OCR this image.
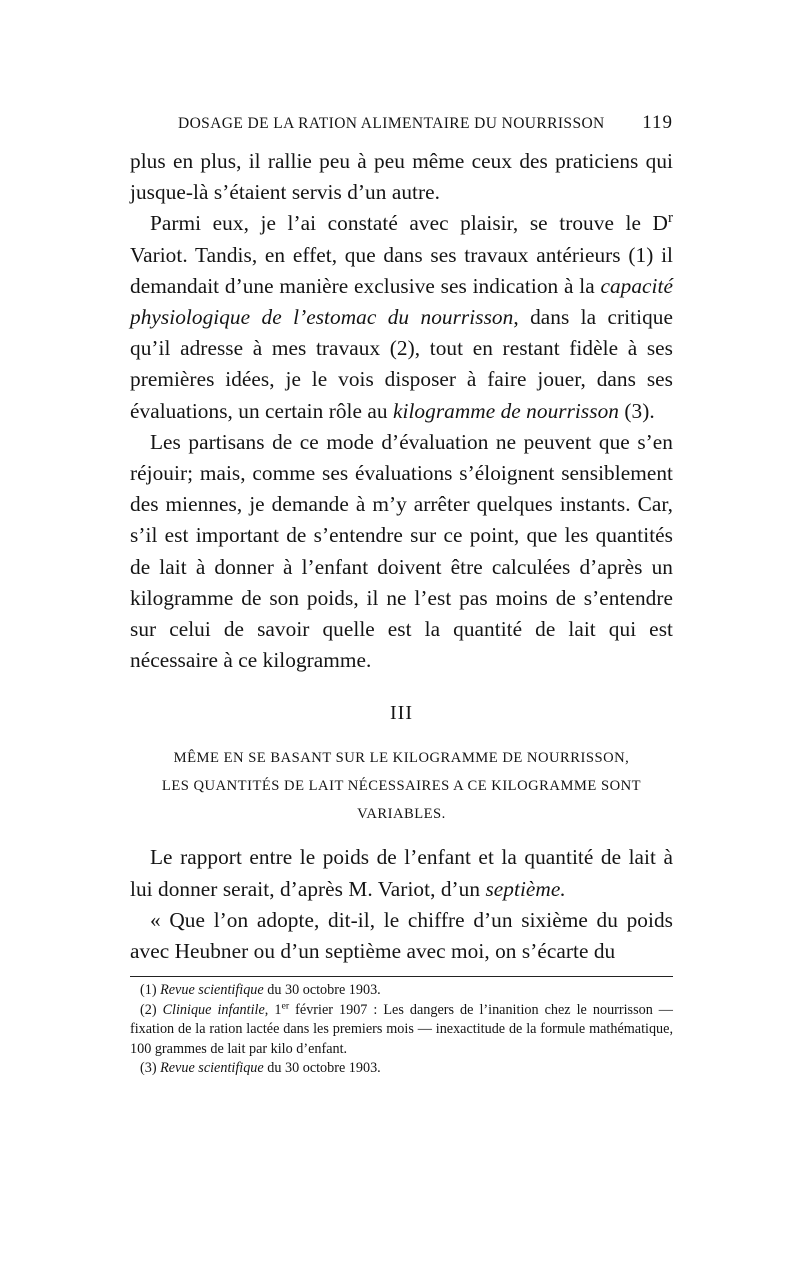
DOSAGE DE LA RATION ALIMENTAIRE DU NOURRISSON 119

plus en plus, il rallie peu à peu même ceux des praticiens qui jusque-là s’étaient servis d’un autre.

Parmi eux, je l’ai constaté avec plaisir, se trouve le $D^r$ Variot. Tandis, en effet, que dans ses travaux antérieurs (1) il demandait d’une manière exclusive ses indication à la capacité physiologique de l’estomac du nourrisson, dans la critique qu’il adresse à mes travaux (2), tout en restant fidèle à ses premières idées, je le vois disposer à faire jouer, dans ses évaluations, un certain rôle au kilogramme de nourrisson (3).

Les partisans de ce mode d’évaluation ne peuvent que s’en réjouir; mais, comme ses évaluations s’éloignent sensiblement des miennes, je demande à m’y arrêter quelques instants. Car, s’il est important de s’entendre sur ce point, que les quantités de lait à donner à l’enfant doivent être calculées d’après un kilogramme de son poids, il ne l’est pas moins de s’entendre sur celui de savoir quelle est la quantité de lait qui est nécessaire à ce kilogramme.

III
MÊME EN SE BASANT SUR LE KILOGRAMME DE NOURRISSON,
LES QUANTITÉS DE LAIT NÉCESSAIRES A CE KILOGRAMME SONT
VARIABLES.

Le rapport entre le poids de l’enfant et la quantité de lait à lui donner serait, d’après M. Variot, d’un septième.

« Que l’on adopte, dit-il, le chiffre d’un sixième du poids avec Heubner ou d’un septième avec moi, on s’écarte du

(1) Revue scientifique du 30 octobre 1903.

(2) Clinique infantile, 1er février 1907 : Les dangers de l’inanition chez le nourrisson — fixation de la ration lactée dans les premiers mois — inexactitude de la formule mathématique, 100 grammes de lait par kilo d’enfant.

(3) Revue scientifique du 30 octobre 1903.
